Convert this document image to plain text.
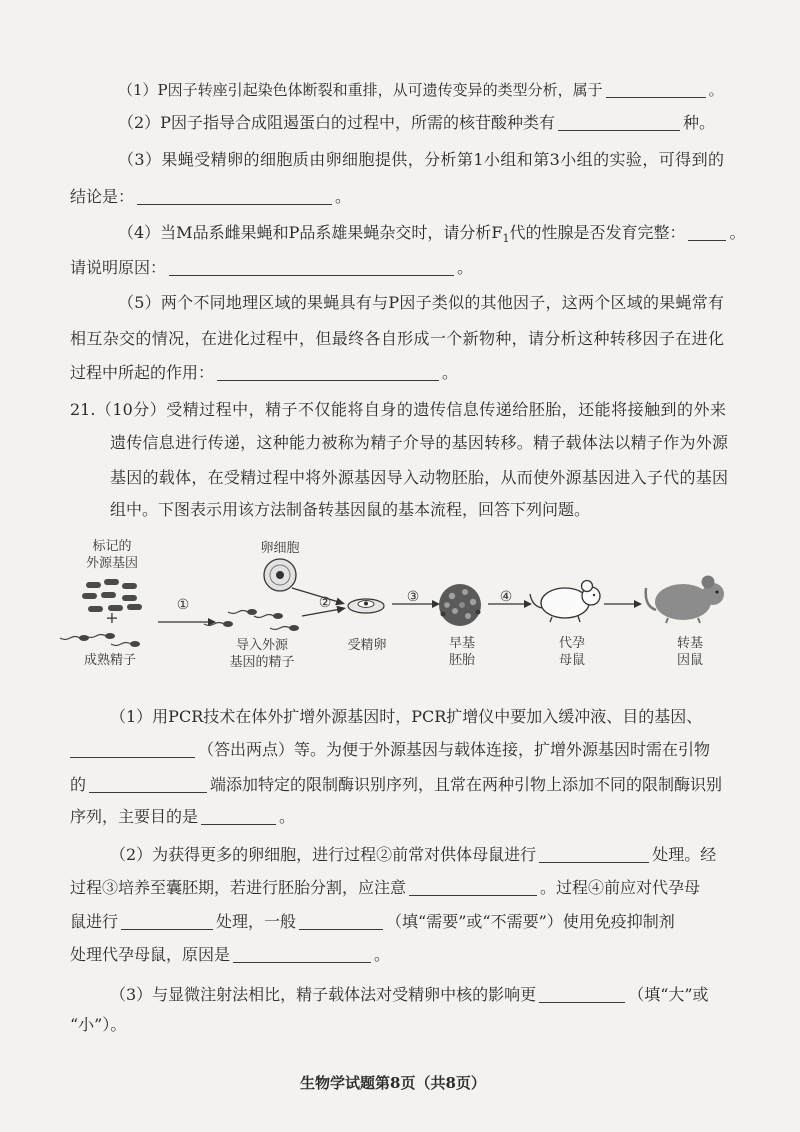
（1）P因子转座引起染色体断裂和重排，从可遗传变异的类型分析，属于	。
（2）P因子指导合成阻遏蛋白的过程中，所需的核苷酸种类有	种。
（3）果蝇受精卵的细胞质由卵细胞提供，分析第1小组和第3小组的实验，可得到的
结论是：	。
（4）当M品系雌果蝇和P品系雄果蝇杂交时，请分析F 1 代的性腺是否发育完整：	。
请说明原因：	。
（5）两个不同地理区域的果蝇具有与P因子类似的其他因子，这两个区域的果蝇常有
相互杂交的情况，在进化过程中，但最终各自形成一个新物种，请分析这种转移因子在进化
过程中所起的作用：	。
21.（10分）受精过程中，精子不仅能将自身的遗传信息传递给胚胎，还能将接触到的外来
遗传信息进行传递，这种能力被称为精子介导的基因转移。精子载体法以精子作为外源
基因的载体，在受精过程中将外源基因导入动物胚胎，从而使外源基因进入子代的基因
组中。下图表示用该方法制备转基因鼠的基本流程，回答下列问题。
标记的
外源基因
+
成熟精子
①
卵细胞
②
导入外源
基因的精子
受精卵
③
早基
胚胎
④
代孕
母鼠
转基
因鼠
（1）用PCR技术在体外扩增外源基因时，PCR扩增仪中要加入缓冲液、目的基因、
（答出两点）等。为便于外源基因与载体连接，扩增外源基因时需在引物
的	端添加特定的限制酶识别序列，且常在两种引物上添加不同的限制酶识别
序列，主要目的是	。
（2）为获得更多的卵细胞，进行过程②前常对供体母鼠进行	处理。经
过程③培养至囊胚期，若进行胚胎分割，应注意	。过程④前应对代孕母
鼠进行	处理，一般	（填“需要”或“不需要”）使用免疫抑制剂
处理代孕母鼠，原因是	。
（3）与显微注射法相比，精子载体法对受精卵中核的影响更	（填“大”或
“小”）。
生物学试题第8页（共8页）
